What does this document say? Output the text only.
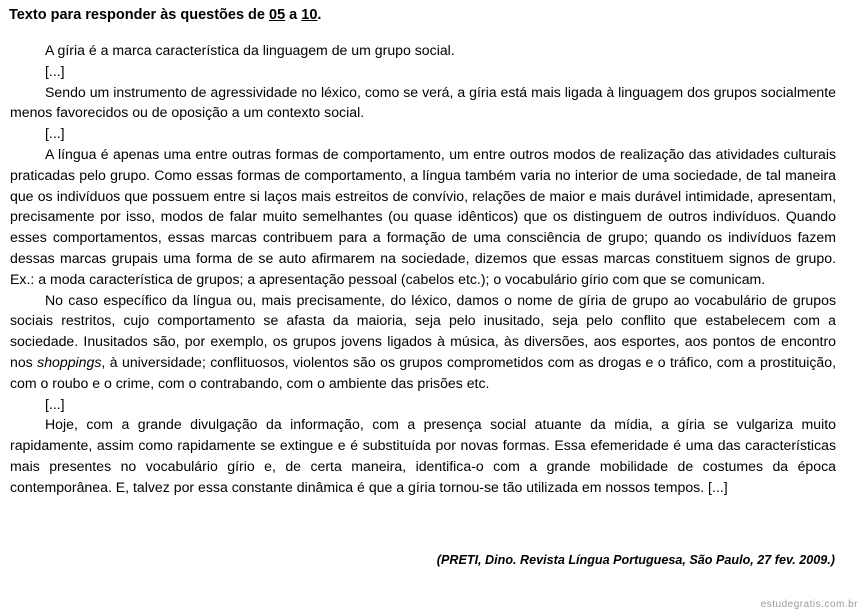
Texto para responder às questões de 05 a 10.

A gíria é a marca característica da linguagem de um grupo social.

[...]

Sendo um instrumento de agressividade no léxico, como se verá, a gíria está mais ligada à linguagem dos grupos socialmente menos favorecidos ou de oposição a um contexto social.

[...]

A língua é apenas uma entre outras formas de comportamento, um entre outros modos de realização das atividades culturais praticadas pelo grupo. Como essas formas de comportamento, a língua também varia no interior de uma sociedade, de tal maneira que os indivíduos que possuem entre si laços mais estreitos de convívio, relações de maior e mais durável intimidade, apresentam, precisamente por isso, modos de falar muito semelhantes (ou quase idênticos) que os distinguem de outros indivíduos. Quando esses comportamentos, essas marcas contribuem para a formação de uma consciência de grupo; quando os indivíduos fazem dessas marcas grupais uma forma de se auto afirmarem na sociedade, dizemos que essas marcas constituem signos de grupo. Ex.: a moda característica de grupos; a apresentação pessoal (cabelos etc.); o vocabulário gírio com que se comunicam.

No caso específico da língua ou, mais precisamente, do léxico, damos o nome de gíria de grupo ao vocabulário de grupos sociais restritos, cujo comportamento se afasta da maioria, seja pelo inusitado, seja pelo conflito que estabelecem com a sociedade. Inusitados são, por exemplo, os grupos jovens ligados à música, às diversões, aos esportes, aos pontos de encontro nos shoppings, à universidade; conflituosos, violentos são os grupos comprometidos com as drogas e o tráfico, com a prostituição, com o roubo e o crime, com o contrabando, com o ambiente das prisões etc.

[...]

Hoje, com a grande divulgação da informação, com a presença social atuante da mídia, a gíria se vulgariza muito rapidamente, assim como rapidamente se extingue e é substituída por novas formas. Essa efemeridade é uma das características mais presentes no vocabulário gírio e, de certa maneira, identifica-o com a grande mobilidade de costumes da época contemporânea. E, talvez por essa constante dinâmica é que a gíria tornou-se tão utilizada em nossos tempos. [...]

(PRETI, Dino. Revista Língua Portuguesa, São Paulo, 27 fev. 2009.)
estudegratis.com.br
